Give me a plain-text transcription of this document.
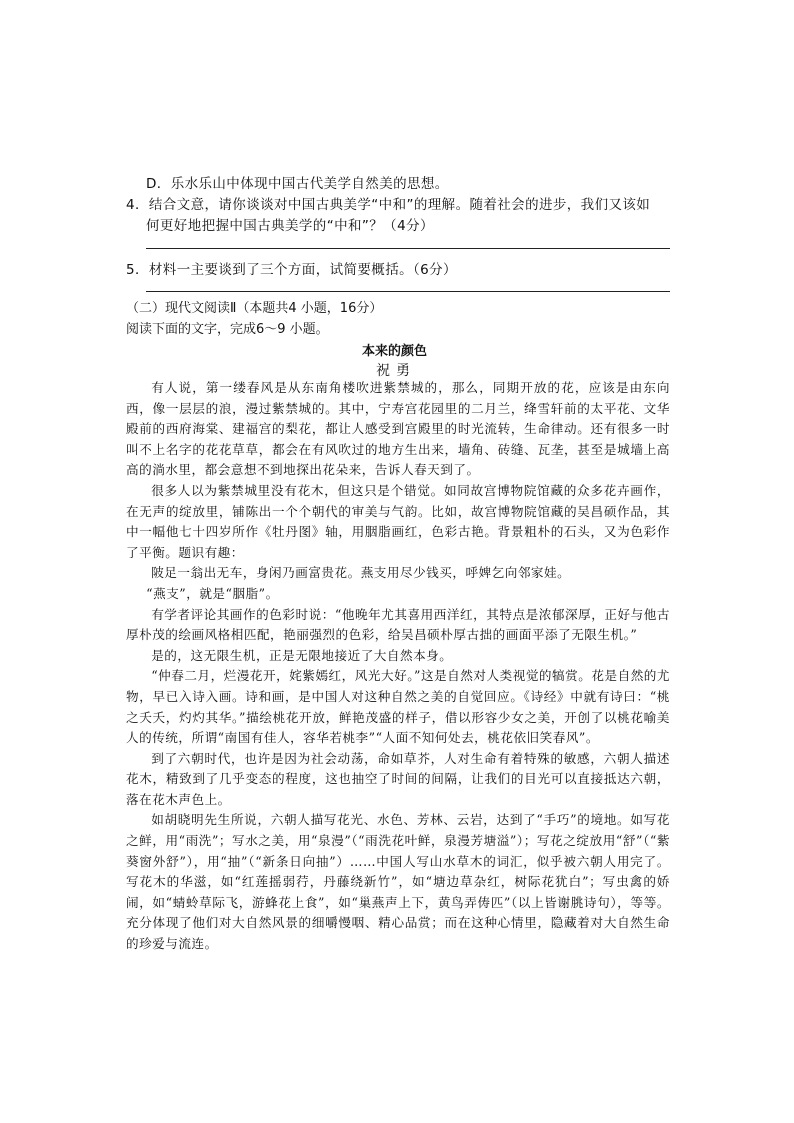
D．乐水乐山中体现中国古代美学自然美的思想。
4．结合文意，请你谈谈对中国古典美学“中和”的理解。随着社会的进步，我们又该如
何更好地把握中国古典美学的“中和”？（4分）
5．材料一主要谈到了三个方面，试简要概括。（6分）
（二）现代文阅读Ⅱ（本题共4 小题，16分）
阅读下面的文字，完成6～9 小题。
本来的颜色
祝勇

有人说，第一缕春风是从东南角楼吹进紫禁城的，那么，同期开放的花，应该是由东向西，像一层层的浪，漫过紫禁城的。其中，宁寿宫花园里的二月兰，绛雪轩前的太平花、文华殿前的西府海棠、建福宫的梨花，都让人感受到宫殿里的时光流转，生命律动。还有很多一时叫不上名字的花花草草，都会在有风吹过的地方生出来，墙角、砖缝、瓦垄，甚至是城墙上高高的淌水里，都会意想不到地探出花朵来，告诉人春天到了。

很多人以为紫禁城里没有花木，但这只是个错觉。如同故宫博物院馆藏的众多花卉画作，在无声的绽放里，铺陈出一个个朝代的审美与气韵。比如，故宫博物院馆藏的吴昌硕作品，其中一幅他七十四岁所作《牡丹图》轴，用胭脂画红，色彩古艳。背景粗朴的石头，又为色彩作了平衡。题识有趣：

陂足一翁出无车，身闲乃画富贵花。燕支用尽少钱买，呼婢乞向邻家娃。

“燕支”，就是“胭脂”。

有学者评论其画作的色彩时说：“他晚年尤其喜用西洋红，其特点是浓郁深厚，正好与他古厚朴茂的绘画风格相匹配，艳丽强烈的色彩，给吴昌硕朴厚古拙的画面平添了无限生机。”

是的，这无限生机，正是无限地接近了大自然本身。

“仲春二月，烂漫花开，姹紫嫣红，风光大好。”这是自然对人类视觉的犒赏。花是自然的尤物，早已入诗入画。诗和画，是中国人对这种自然之美的自觉回应。《诗经》中就有诗曰：“桃之夭夭，灼灼其华。”描绘桃花开放，鲜艳茂盛的样子，借以形容少女之美，开创了以桃花喻美人的传统，所谓“南国有佳人，容华若桃李”“人面不知何处去，桃花依旧笑春风”。

到了六朝时代，也许是因为社会动荡，命如草芥，人对生命有着特殊的敏感，六朝人描述花木，精致到了几乎变态的程度，这也抽空了时间的间隔，让我们的目光可以直接抵达六朝，落在花木声色上。

如胡晓明先生所说，六朝人描写花光、水色、芳林、云岩，达到了“手巧”的境地。如写花之鲜，用“雨洗”；写水之美，用“泉漫”（“雨洗花叶鲜，泉漫芳塘溢”）；写花之绽放用“舒”（“紫葵窗外舒”），用“抽”（“新条日向抽”）……中国人写山水草木的词汇，似乎被六朝人用完了。写花木的华滋，如“红莲摇弱荇，丹藤绕新竹”，如“塘边草杂红，树际花犹白”；写虫禽的娇闹，如“蜻蛉草际飞，游蜂花上食”，如“巢燕声上下，黄鸟弄俦匹”（以上皆谢朓诗句），等等。充分体现了他们对大自然风景的细嚼慢咽、精心品赏；而在这种心情里，隐藏着对大自然生命的珍爱与流连。
